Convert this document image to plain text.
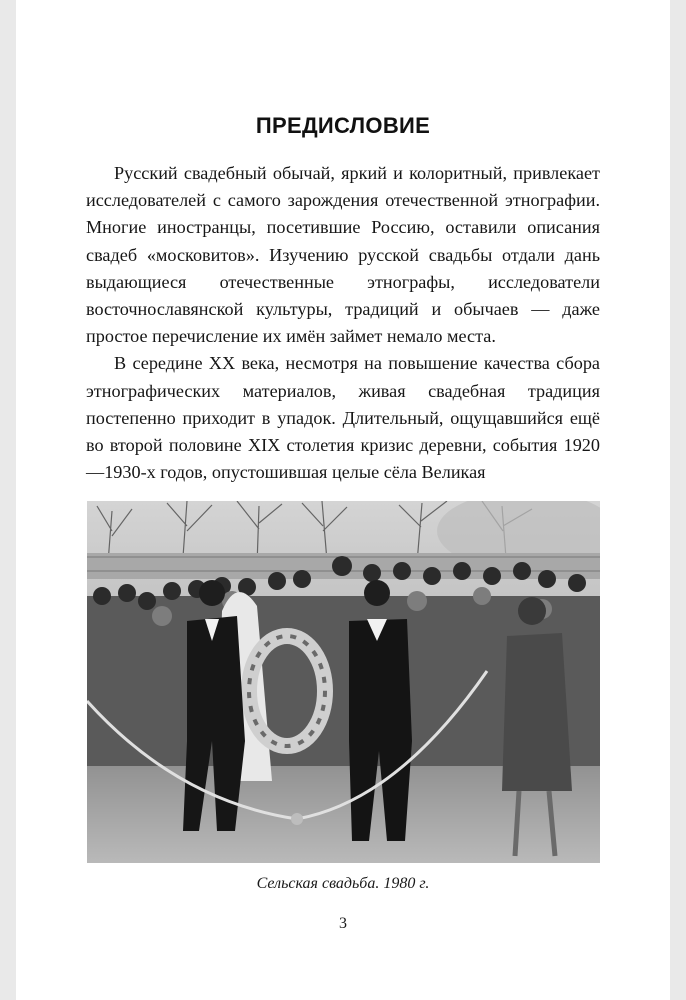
ПРЕДИСЛОВИЕ

Русский свадебный обычай, яркий и колоритный, привлекает исследователей с самого зарождения отечественной этнографии. Многие иностранцы, посетившие Россию, оставили описания свадеб «московитов». Изучению русской свадьбы отдали дань выдающиеся отечественные этнографы, исследователи восточнославянской культуры, традиций и обычаев — даже простое перечисление их имён займет немало места.

В середине XX века, несмотря на повышение качества сбора этнографических материалов, живая свадебная традиция постепенно приходит в упадок. Длительный, ощущавшийся ещё во второй половине XIX столетия кризис деревни, события 1920—1930-х годов, опустошившая целые сёла Великая

Сельская свадьба. 1980 г.

3
